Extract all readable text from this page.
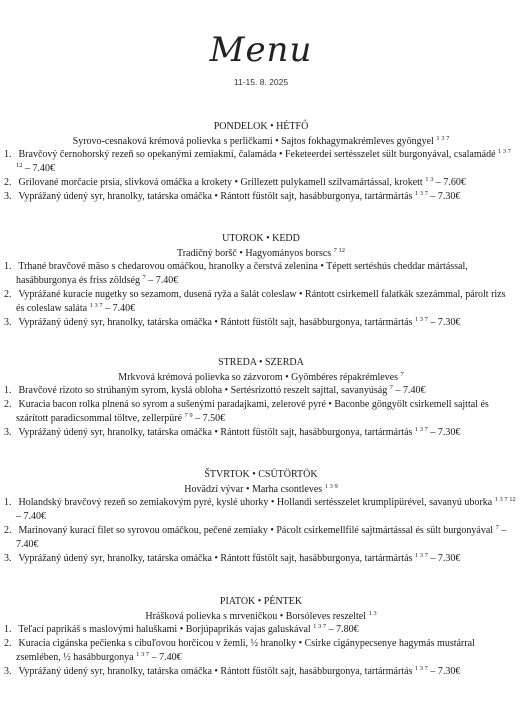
Menu
11-15. 8. 2025
PONDELOK • HÉTFŐ
Syrovo-cesnaková krémová polievka s perličkami • Sajtos fokhagymakrémleves gyöngyel $^{1 3 7}$

1. Bravčový černohorský rezeň so opekanými zemiakmi, čalamáda • Feketeerdei sertésszelet sült burgonyával, csalamádé $^{1 3 7 12}$ – 7.40€

2. Grilované morčacie prsia, slivková omáčka a krokety • Grillezett pulykamell szilvamártással, krokett $^{1 3}$ – 7.60€

3. Vyprážaný údený syr, hranolky, tatárska omáčka • Rántott füstölt sajt, hasábburgonya, tartármártás $^{1 3 7}$ – 7.30€

UTOROK • KEDD
Tradičný boršč • Hagyományos borscs $^{7 12}$

1. Trhané bravčové mäso s chedarovou omáčkou, hranolky a čerstvá zelenina • Tépett sertéshús cheddar mártással, hasábburgonya és friss zöldség $^7$ – 7.40€

2. Vyprážané kuracie nugetky so sezamom, dusená ryža a šalát coleslaw • Rántott csirkemell falatkák szezámmal, párolt rizs és coleslaw saláta $^{1 3 7}$ – 7.40€

3. Vyprážaný údený syr, hranolky, tatárska omáčka • Rántott füstölt sajt, hasábburgonya, tartármártás $^{1 3 7}$ – 7.30€

STREDA • SZERDA
Mrkvová krémová polievka so zázvorom • Gyömbéres répakrémleves $^7$

1. Bravčové rizoto so strúhaným syrom, kyslá obloha • Sertésrizottó reszelt sajttal, savanyúság $^7$ – 7.40€

2. Kuracia bacon rolka plnená so syrom a sušenými paradajkami, zelerové pyré • Baconbe göngyölt csirkemell sajttal és szárított paradicsommal töltve, zellerpüré $^{7 9}$ – 7.50€

3. Vyprážaný údený syr, hranolky, tatárska omáčka • Rántott füstölt sajt, hasábburgonya, tartármártás $^{1 3 7}$ – 7.30€

ŠTVRTOK • CSÜTÖRTÖK
Hovädzí vývar • Marha csontleves $^{1 3 9}$

1. Holandský bravčový rezeň so zemiakovým pyré, kyslé uhorky • Hollandi sertésszelet krumplipürével, savanyú uborka $^{1 3 7 12}$ – 7.40€

2. Marinovaný kurací filet so syrovou omáčkou, pečené zemiaky • Pácolt csirkemellfilé sajtmártással és sült burgonyával $^7$ – 7.40€

3. Vyprážaný údený syr, hranolky, tatárska omáčka • Rántott füstölt sajt, hasábburgonya, tartármártás $^{1 3 7}$ – 7.30€

PIATOK • PÉNTEK
Hrášková polievka s mrveničkou • Borsóleves reszeltel $^{1 3}$

1. Teľací paprikáš s maslovými haluškami • Borjúpaprikás vajas galuskával $^{1 3 7}$ – 7.80€

2. Kuracia cigánska pečienka s cibuľovou horčicou v žemli, ½ hranolky • Csirke cigánypecsenye hagymás mustárral zsemlében, ½ hasábburgonya $^{1 3 7}$ – 7.40€

3. Vyprážaný údený syr, hranolky, tatárska omáčka • Rántott füstölt sajt, hasábburgonya, tartármártás $^{1 3 7}$ – 7.30€
